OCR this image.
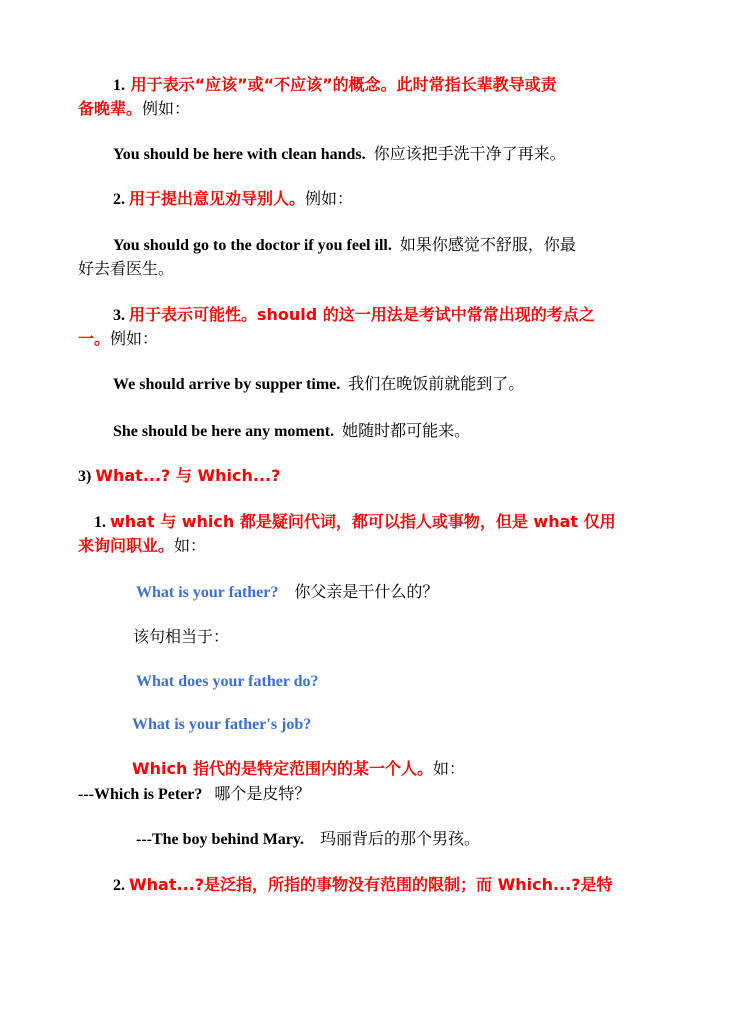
1. 用于表示“应该”或“不应该”的概念。此时常指长辈教导或责
备晚辈。例如：
You should be here with clean hands. 你应该把手洗干净了再来。
2. 用于提出意见劝导别人。例如：
You should go to the doctor if you feel ill. 如果你感觉不舒服，你最
好去看医生。
3. 用于表示可能性。should 的这一用法是考试中常常出现的考点之
一。例如：
We should arrive by supper time. 我们在晚饭前就能到了。
She should be here any moment. 她随时都可能来。
3) What...? 与 Which...?
1. what 与 which 都是疑问代词，都可以指人或事物，但是 what 仅用
来询问职业。如：
What is your father? 你父亲是干什么的？
该句相当于：
What does your father do?
What is your father's job?
Which 指代的是特定范围内的某一个人。如：
---Which is Peter? 哪个是皮特？
---The boy behind Mary. 玛丽背后的那个男孩。
2. What...?是泛指，所指的事物没有范围的限制；而 Which...?是特
